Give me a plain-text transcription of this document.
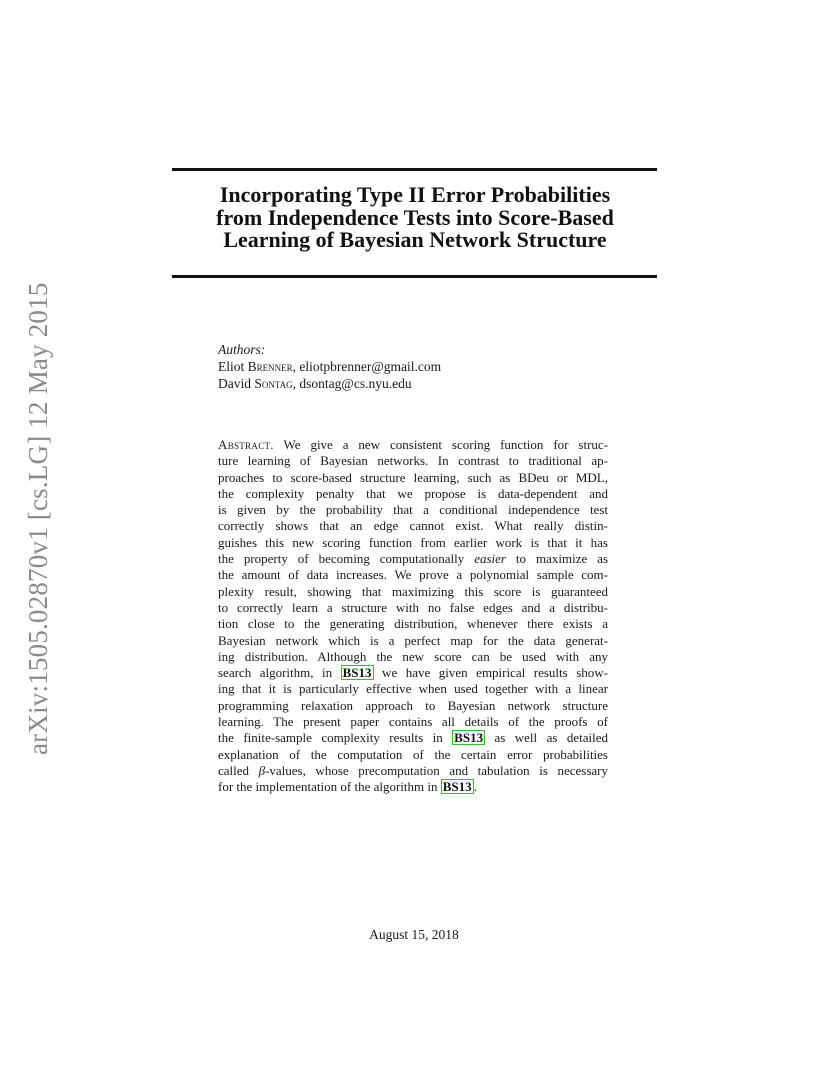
arXiv:1505.02870v1 [cs.LG] 12 May 2015
Incorporating Type II Error Probabilities
from Independence Tests into Score-Based
Learning of Bayesian Network Structure
Authors:
Eliot Brenner, eliotpbrenner@gmail.com
David Sontag, dsontag@cs.nyu.edu
Abstract. We give a new consistent scoring function for struc-
ture learning of Bayesian networks. In contrast to traditional ap-
proaches to score-based structure learning, such as BDeu or MDL,
the complexity penalty that we propose is data-dependent and
is given by the probability that a conditional independence test
correctly shows that an edge cannot exist. What really distin-
guishes this new scoring function from earlier work is that it has
the property of becoming computationally easier to maximize as
the amount of data increases. We prove a polynomial sample com-
plexity result, showing that maximizing this score is guaranteed
to correctly learn a structure with no false edges and a distribu-
tion close to the generating distribution, whenever there exists a
Bayesian network which is a perfect map for the data generat-
ing distribution. Although the new score can be used with any
search algorithm, in BS13 we have given empirical results show-
ing that it is particularly effective when used together with a linear
programming relaxation approach to Bayesian network structure
learning. The present paper contains all details of the proofs of
the finite-sample complexity results in BS13 as well as detailed
explanation of the computation of the certain error probabilities
called β-values, whose precomputation and tabulation is necessary
for the implementation of the algorithm in BS13 .
August 15, 2018
